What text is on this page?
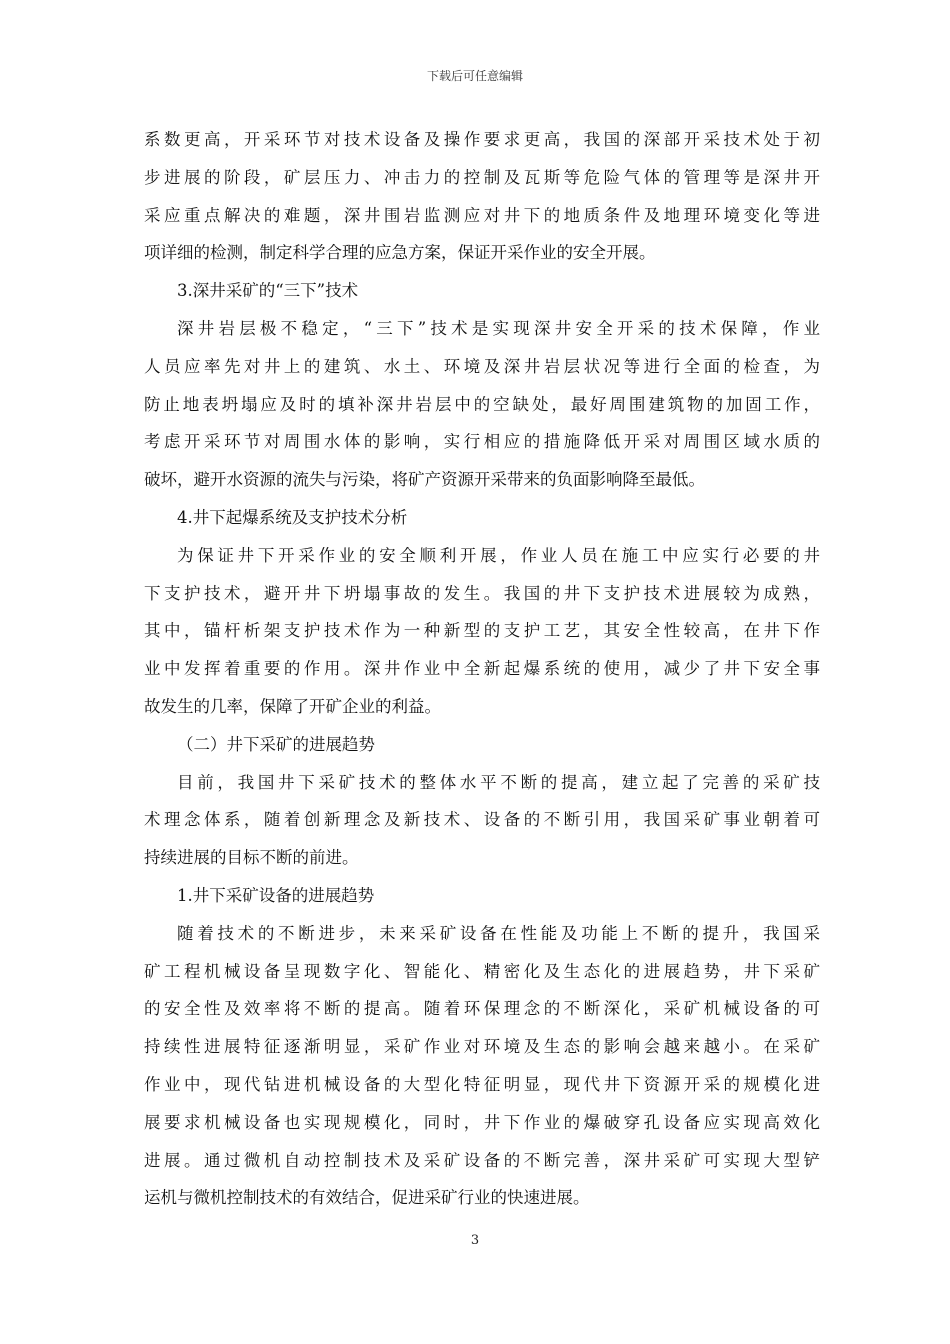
下载后可任意编辑
系数更高，开采环节对技术设备及操作要求更高，我国的深部开采技术处于初
步进展的阶段，矿层压力、冲击力的控制及瓦斯等危险气体的管理等是深井开
采应重点解决的难题，深井围岩监测应对井下的地质条件及地理环境变化等进
项详细的检测，制定科学合理的应急方案，保证开采作业的安全开展。
3.深井采矿的“三下”技术
深井岩层极不稳定，“三下”技术是实现深井安全开采的技术保障，作业
人员应率先对井上的建筑、水土、环境及深井岩层状况等进行全面的检查，为
防止地表坍塌应及时的填补深井岩层中的空缺处，最好周围建筑物的加固工作，
考虑开采环节对周围水体的影响，实行相应的措施降低开采对周围区域水质的
破坏，避开水资源的流失与污染，将矿产资源开采带来的负面影响降至最低。
4.井下起爆系统及支护技术分析
为保证井下开采作业的安全顺利开展，作业人员在施工中应实行必要的井
下支护技术，避开井下坍塌事故的发生。我国的井下支护技术进展较为成熟，
其中，锚杆析架支护技术作为一种新型的支护工艺，其安全性较高，在井下作
业中发挥着重要的作用。深井作业中全新起爆系统的使用，减少了井下安全事
故发生的几率，保障了开矿企业的利益。
（二）井下采矿的进展趋势
目前，我国井下采矿技术的整体水平不断的提高，建立起了完善的采矿技
术理念体系，随着创新理念及新技术、设备的不断引用，我国采矿事业朝着可
持续进展的目标不断的前进。
1.井下采矿设备的进展趋势
随着技术的不断进步，未来采矿设备在性能及功能上不断的提升，我国采
矿工程机械设备呈现数字化、智能化、精密化及生态化的进展趋势，井下采矿
的安全性及效率将不断的提高。随着环保理念的不断深化，采矿机械设备的可
持续性进展特征逐渐明显，采矿作业对环境及生态的影响会越来越小。在采矿
作业中，现代钻进机械设备的大型化特征明显，现代井下资源开采的规模化进
展要求机械设备也实现规模化，同时，井下作业的爆破穿孔设备应实现高效化
进展。通过微机自动控制技术及采矿设备的不断完善，深井采矿可实现大型铲
运机与微机控制技术的有效结合，促进采矿行业的快速进展。
3
